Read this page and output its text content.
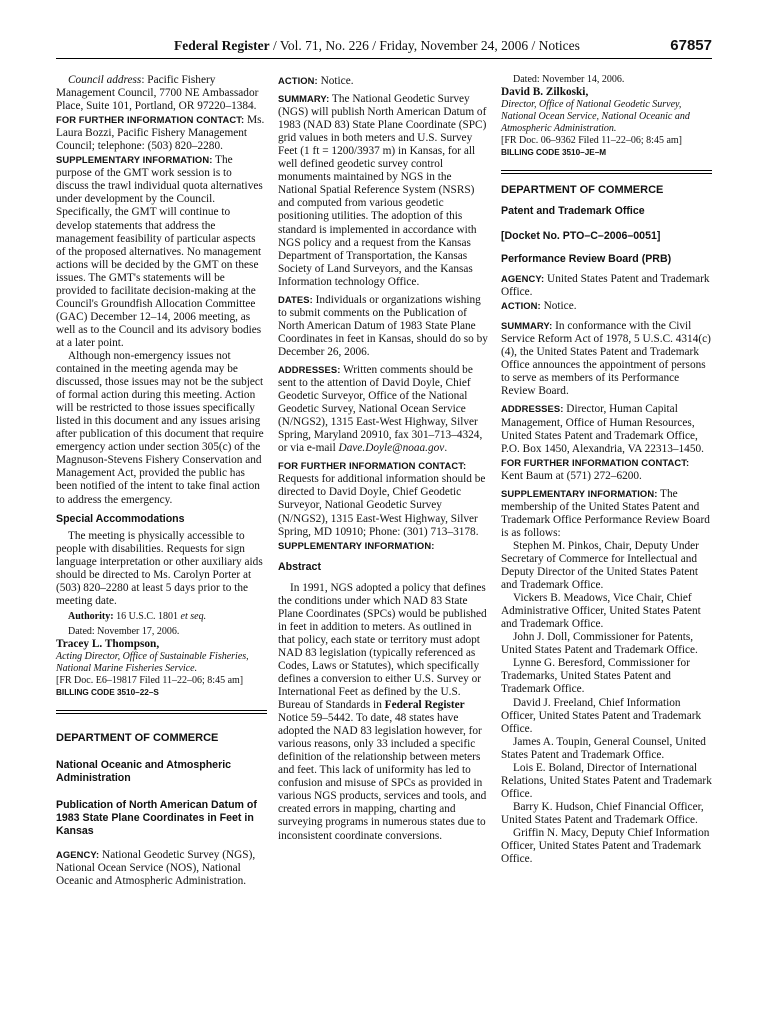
Federal Register / Vol. 71, No. 226 / Friday, November 24, 2006 / Notices	67857

Council address: Pacific Fishery Management Council, 7700 NE Ambassador Place, Suite 101, Portland, OR 97220–1384.

FOR FURTHER INFORMATION CONTACT: Ms. Laura Bozzi, Pacific Fishery Management Council; telephone: (503) 820–2280.

SUPPLEMENTARY INFORMATION: The purpose of the GMT work session is to discuss the trawl individual quota alternatives under development by the Council. Specifically, the GMT will continue to develop statements that address the management feasibility of particular aspects of the proposed alternatives. No management actions will be decided by the GMT on these issues. The GMT's statements will be provided to facilitate decision-making at the Council's Groundfish Allocation Committee (GAC) December 12–14, 2006 meeting, as well as to the Council and its advisory bodies at a later point.

Although non-emergency issues not contained in the meeting agenda may be discussed, those issues may not be the subject of formal action during this meeting. Action will be restricted to those issues specifically listed in this document and any issues arising after publication of this document that require emergency action under section 305(c) of the Magnuson-Stevens Fishery Conservation and Management Act, provided the public has been notified of the intent to take final action to address the emergency.

Special Accommodations

The meeting is physically accessible to people with disabilities. Requests for sign language interpretation or other auxiliary aids should be directed to Ms. Carolyn Porter at (503) 820–2280 at least 5 days prior to the meeting date.

Authority: 16 U.S.C. 1801 et seq.

Dated: November 17, 2006.

Tracey L. Thompson,

Acting Director, Office of Sustainable Fisheries, National Marine Fisheries Service.

[FR Doc. E6–19817 Filed 11–22–06; 8:45 am]

BILLING CODE 3510–22–S

DEPARTMENT OF COMMERCE

National Oceanic and Atmospheric Administration

Publication of North American Datum of 1983 State Plane Coordinates in Feet in Kansas

AGENCY: National Geodetic Survey (NGS), National Ocean Service (NOS), National Oceanic and Atmospheric Administration.

ACTION: Notice.

SUMMARY: The National Geodetic Survey (NGS) will publish North American Datum of 1983 (NAD 83) State Plane Coordinate (SPC) grid values in both meters and U.S. Survey Feet (1 ft = 1200/3937 m) in Kansas, for all well defined geodetic survey control monuments maintained by NGS in the National Spatial Reference System (NSRS) and computed from various geodetic positioning utilities. The adoption of this standard is implemented in accordance with NGS policy and a request from the Kansas Department of Transportation, the Kansas Society of Land Surveyors, and the Kansas Information technology Office.

DATES: Individuals or organizations wishing to submit comments on the Publication of North American Datum of 1983 State Plane Coordinates in feet in Kansas, should do so by December 26, 2006.

ADDRESSES: Written comments should be sent to the attention of David Doyle, Chief Geodetic Surveyor, Office of the National Geodetic Survey, National Ocean Service (N/NGS2), 1315 East-West Highway, Silver Spring, Maryland 20910, fax 301–713–4324, or via e-mail Dave.Doyle@noaa.gov.

FOR FURTHER INFORMATION CONTACT:

Requests for additional information should be directed to David Doyle, Chief Geodetic Surveyor, National Geodetic Survey (N/NGS2), 1315 East-West Highway, Silver Spring, MD 10910; Phone: (301) 713–3178.

SUPPLEMENTARY INFORMATION:

Abstract

In 1991, NGS adopted a policy that defines the conditions under which NAD 83 State Plane Coordinates (SPCs) would be published in feet in addition to meters. As outlined in that policy, each state or territory must adopt NAD 83 legislation (typically referenced as Codes, Laws or Statutes), which specifically defines a conversion to either U.S. Survey or International Feet as defined by the U.S. Bureau of Standards in Federal Register Notice 59–5442. To date, 48 states have adopted the NAD 83 legislation however, for various reasons, only 33 included a specific definition of the relationship between meters and feet. This lack of uniformity has led to confusion and misuse of SPCs as provided in various NGS products, services and tools, and created errors in mapping, charting and surveying programs in numerous states due to inconsistent coordinate conversions.

Dated: November 14, 2006.

David B. Zilkoski,

Director, Office of National Geodetic Survey, National Ocean Service, National Oceanic and Atmospheric Administration.

[FR Doc. 06–9362 Filed 11–22–06; 8:45 am]

BILLING CODE 3510–JE–M

DEPARTMENT OF COMMERCE

Patent and Trademark Office

[Docket No. PTO–C–2006–0051]

Performance Review Board (PRB)

AGENCY: United States Patent and Trademark Office.

ACTION: Notice.

SUMMARY: In conformance with the Civil Service Reform Act of 1978, 5 U.S.C. 4314(c)(4), the United States Patent and Trademark Office announces the appointment of persons to serve as members of its Performance Review Board.

ADDRESSES: Director, Human Capital Management, Office of Human Resources, United States Patent and Trademark Office, P.O. Box 1450, Alexandria, VA 22313–1450.

FOR FURTHER INFORMATION CONTACT: Kent Baum at (571) 272–6200.

SUPPLEMENTARY INFORMATION: The membership of the United States Patent and Trademark Office Performance Review Board is as follows:

Stephen M. Pinkos, Chair, Deputy Under Secretary of Commerce for Intellectual and Deputy Director of the United States Patent and Trademark Office.

Vickers B. Meadows, Vice Chair, Chief Administrative Officer, United States Patent and Trademark Office.

John J. Doll, Commissioner for Patents, United States Patent and Trademark Office.

Lynne G. Beresford, Commissioner for Trademarks, United States Patent and Trademark Office.

David J. Freeland, Chief Information Officer, United States Patent and Trademark Office.

James A. Toupin, General Counsel, United States Patent and Trademark Office.

Lois E. Boland, Director of International Relations, United States Patent and Trademark Office.

Barry K. Hudson, Chief Financial Officer, United States Patent and Trademark Office.

Griffin N. Macy, Deputy Chief Information Officer, United States Patent and Trademark Office.
